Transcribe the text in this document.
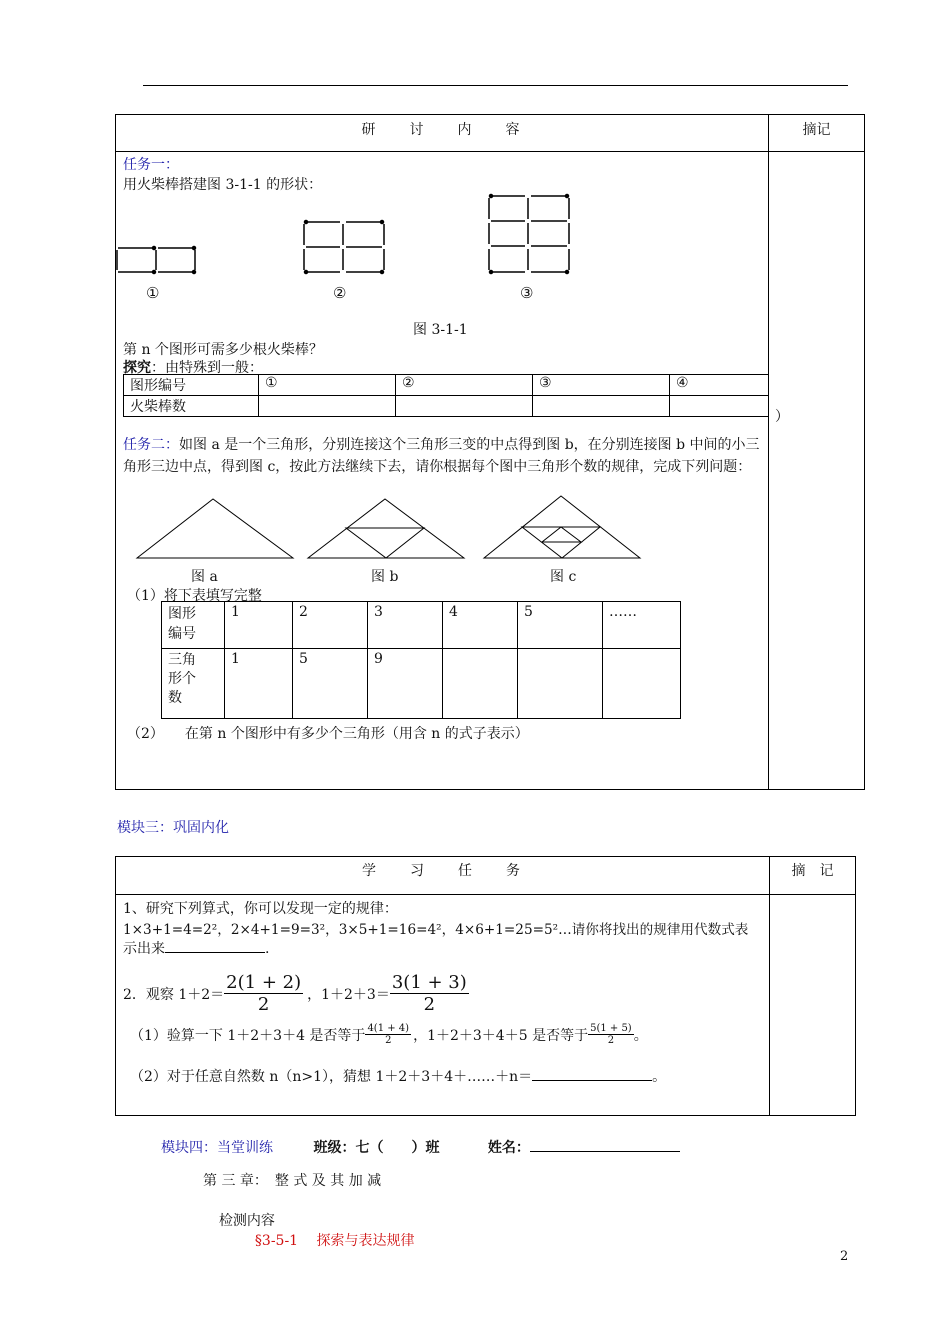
研　　讨　　内　　容	摘记
任务一：
用火柴棒搭建图 3-1-1 的形状：
①	②	③
图 3-1-1
第 n 个图形可需多少根火柴棒？
探究：由特殊到一般：
图形编号	①	②	③	④
火柴棒数				
）
任务二：如图 a 是一个三角形，分别连接这个三角形三变的中点得到图 b，在分别连接图 b 中间的小三角形三边中点，得到图 c，按此方法继续下去，请你根据每个图中三角形个数的规律，完成下列问题：
图 a	图 b	图 c
（1）将下表填写完整
图形
编号	1	2	3	4	5	……
三角
形个
数	1	5	9			
（2）　　在第 n 个图形中有多少个三角形（用含 n 的式子表示）
模块三：巩固内化
学　　习　　任　　务	摘　记
1、研究下列算式，你可以发现一定的规律：
1×3+1=4=2²，2×4+1=9=3²，3×5+1=16=4²，4×6+1=25=5²…请你将找出的规律用代数式表
示出来	.
2．观察 $1+2= \frac{2(1 + 2)}{2}$ ，$1+2+3= \frac{3(1 + 3)}{2}$
（1）验算一下 1＋2＋3＋4 是否等于 $\frac{4(1 + 4)}{2}$ ，1＋2＋3＋4＋5 是否等于 $\frac{5(1 + 5)}{2}$ 。
（2）对于任意自然数 n（n>1），猜想 1＋2＋3＋4＋……＋n＝	。
模块四：当堂训练	班级：七（　　）班	姓名：
第 三 章：　整 式 及 其 加 减

检测内容
§3-5-1　 探索与表达规律

2
